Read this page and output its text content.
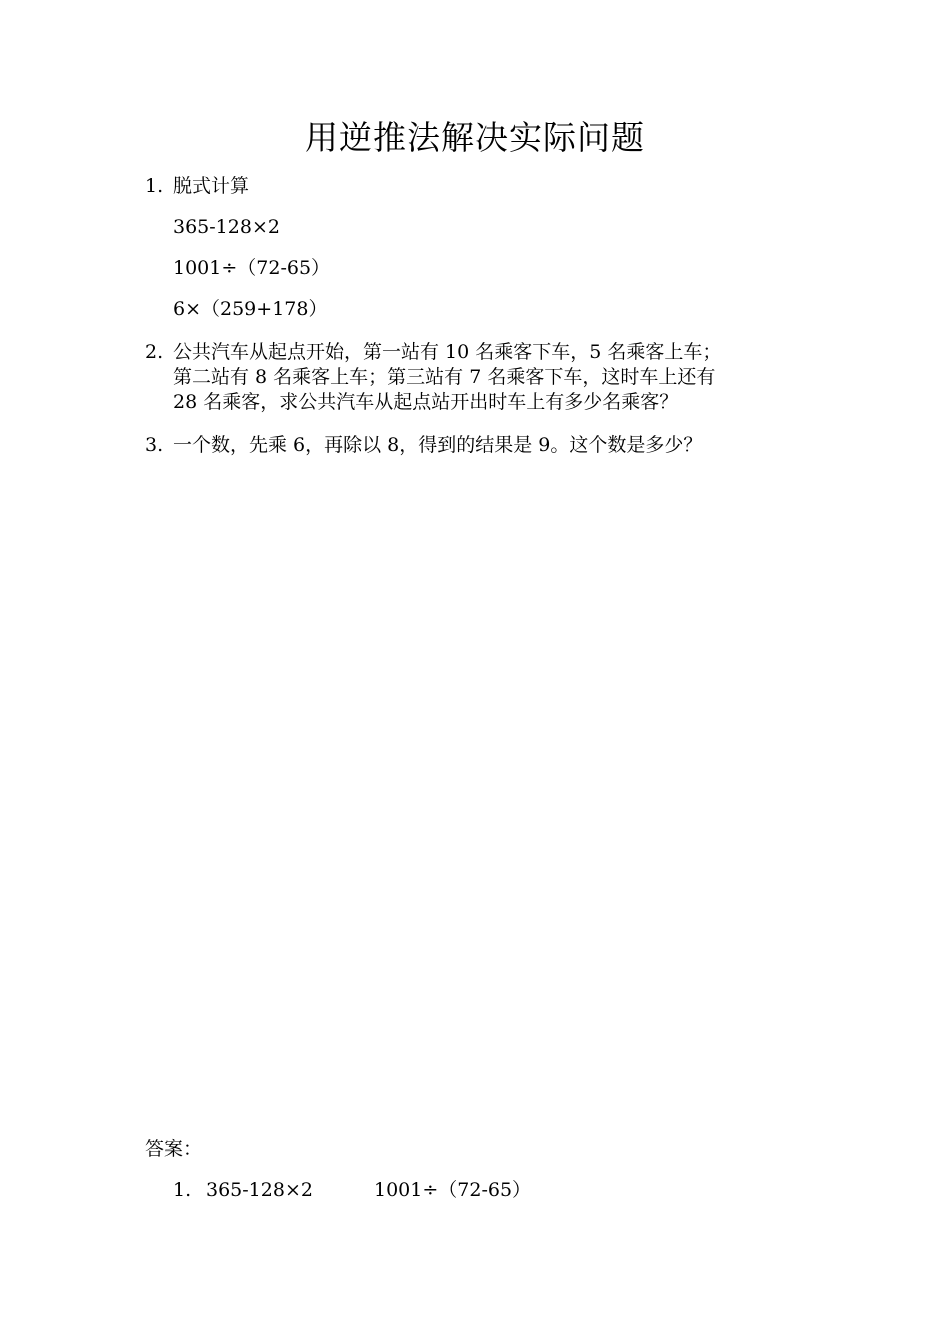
用逆推法解决实际问题
1. 脱式计算
365-128×2
1001÷（72-65）
6×（259+178）
2. 公共汽车从起点开始，第一站有 10 名乘客下车，5 名乘客上车；
第二站有 8 名乘客上车；第三站有 7 名乘客下车，这时车上还有
28 名乘客，求公共汽车从起点站开出时车上有多少名乘客？
3. 一个数，先乘 6，再除以 8，得到的结果是 9。这个数是多少？
答案：
1. 365-128×2	1001÷（72-65）
